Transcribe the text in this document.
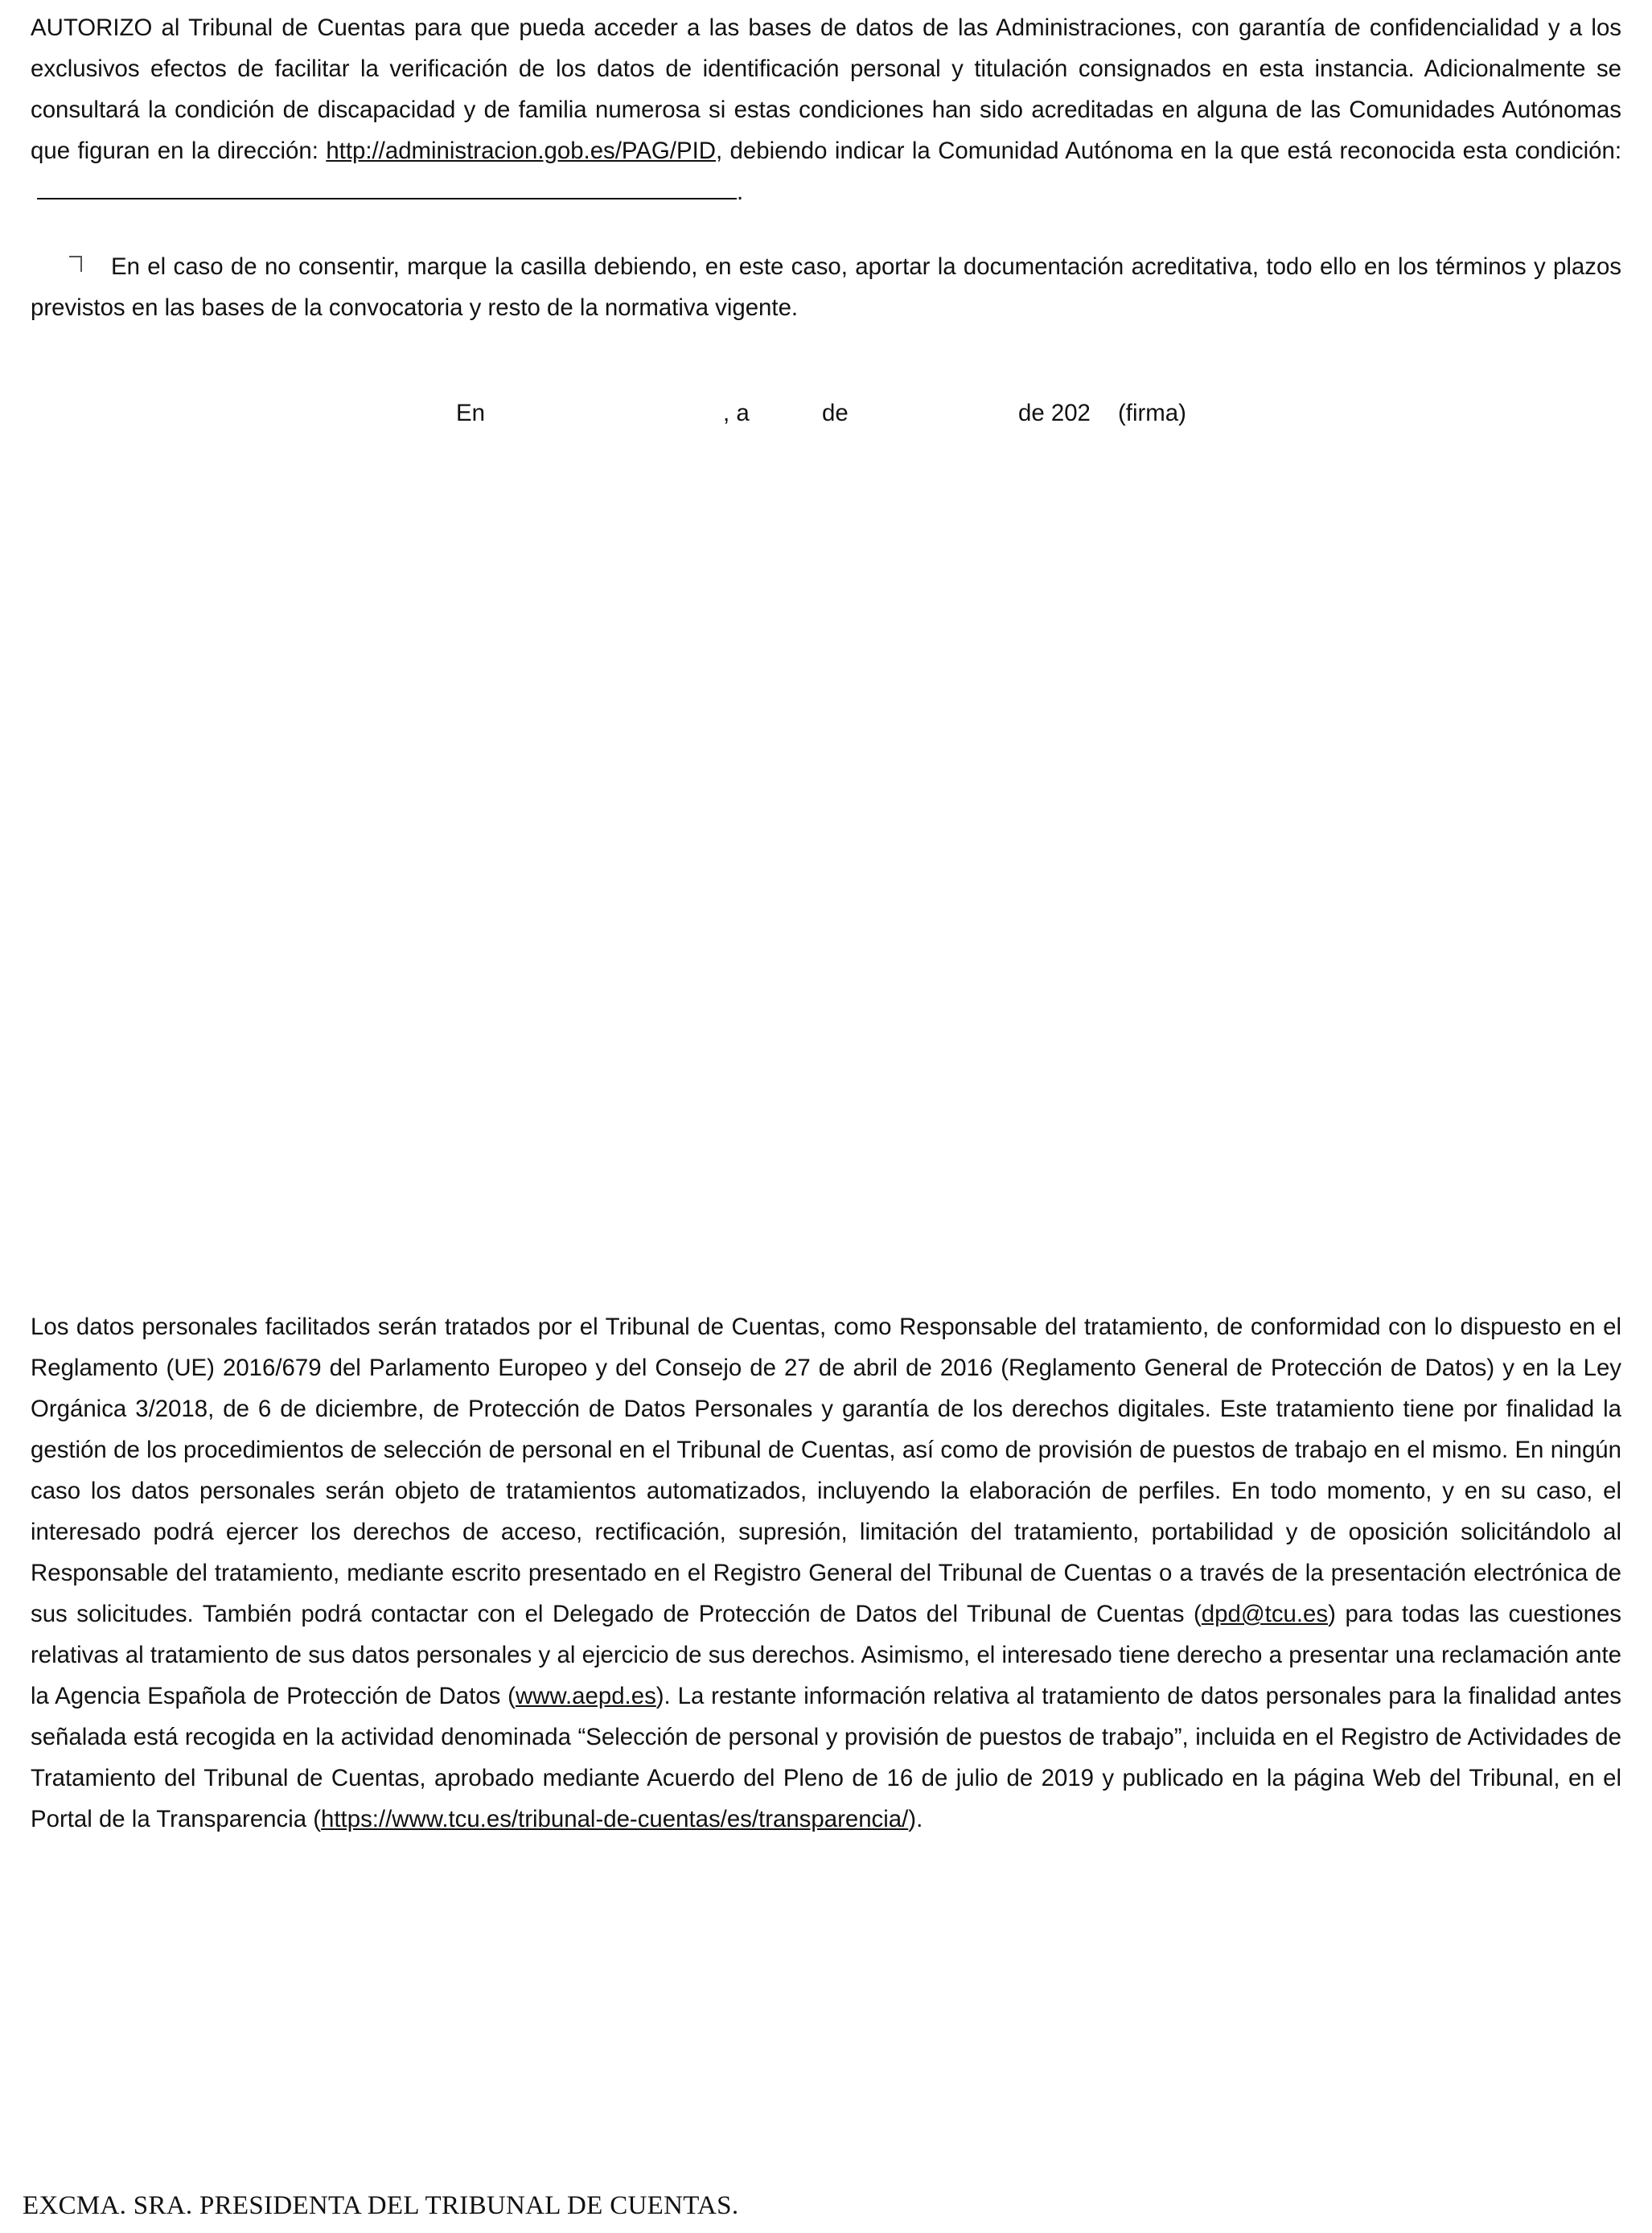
AUTORIZO al Tribunal de Cuentas para que pueda acceder a las bases de datos de las Administraciones, con garantía de confidencialidad y a los exclusivos efectos de facilitar la verificación de los datos de identificación personal y titulación consignados en esta instancia. Adicionalmente se consultará la condición de discapacidad y de familia numerosa si estas condiciones han sido acreditadas en alguna de las Comunidades Autónomas que figuran en la dirección: http://administracion.gob.es/PAG/PID, debiendo indicar la Comunidad Autónoma en la que está reconocida esta condición:.

En el caso de no consentir, marque la casilla debiendo, en este caso, aportar la documentación acreditativa, todo ello en los términos y plazos previstos en las bases de la convocatoria y resto de la normativa vigente.

En	, a	de	de 202 (firma)

Los datos personales facilitados serán tratados por el Tribunal de Cuentas, como Responsable del tratamiento, de conformidad con lo dispuesto en el Reglamento (UE) 2016/679 del Parlamento Europeo y del Consejo de 27 de abril de 2016 (Reglamento General de Protección de Datos) y en la Ley Orgánica 3/2018, de 6 de diciembre, de Protección de Datos Personales y garantía de los derechos digitales. Este tratamiento tiene por finalidad la gestión de los procedimientos de selección de personal en el Tribunal de Cuentas, así como de provisión de puestos de trabajo en el mismo. En ningún caso los datos personales serán objeto de tratamientos automatizados, incluyendo la elaboración de perfiles. En todo momento, y en su caso, el interesado podrá ejercer los derechos de acceso, rectificación, supresión, limitación del tratamiento, portabilidad y de oposición solicitándolo al Responsable del tratamiento, mediante escrito presentado en el Registro General del Tribunal de Cuentas o a través de la presentación electrónica de sus solicitudes. También podrá contactar con el Delegado de Protección de Datos del Tribunal de Cuentas (dpd@tcu.es) para todas las cuestiones relativas al tratamiento de sus datos personales y al ejercicio de sus derechos. Asimismo, el interesado tiene derecho a presentar una reclamación ante la Agencia Española de Protección de Datos (www.aepd.es). La restante información relativa al tratamiento de datos personales para la finalidad antes señalada está recogida en la actividad denominada “Selección de personal y provisión de puestos de trabajo”, incluida en el Registro de Actividades de Tratamiento del Tribunal de Cuentas, aprobado mediante Acuerdo del Pleno de 16 de julio de 2019 y publicado en la página Web del Tribunal, en el Portal de la Transparencia (https://www.tcu.es/tribunal-de-cuentas/es/transparencia/).

EXCMA. SRA. PRESIDENTA DEL TRIBUNAL DE CUENTAS.
